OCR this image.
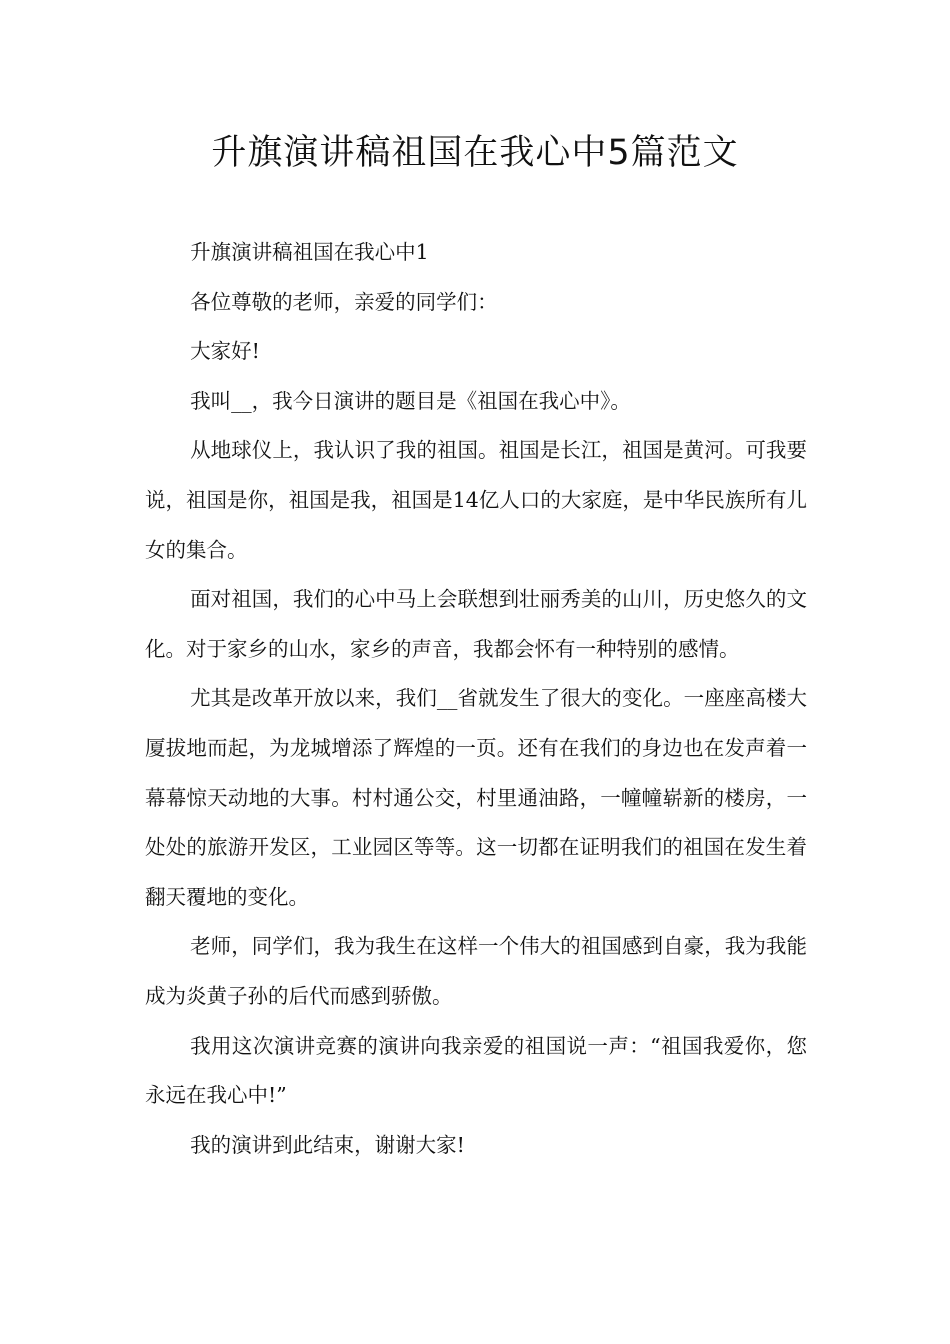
升旗演讲稿祖国在我心中5篇范文

升旗演讲稿祖国在我心中1

各位尊敬的老师，亲爱的同学们：

大家好!

我叫__，我今日演讲的题目是《祖国在我心中》。

从地球仪上，我认识了我的祖国。祖国是长江，祖国是黄河。可我要说，祖国是你，祖国是我，祖国是14亿人口的大家庭，是中华民族所有儿女的集合。

面对祖国，我们的心中马上会联想到壮丽秀美的山川，历史悠久的文化。对于家乡的山水，家乡的声音，我都会怀有一种特别的感情。

尤其是改革开放以来，我们__省就发生了很大的变化。一座座高楼大厦拔地而起，为龙城增添了辉煌的一页。还有在我们的身边也在发声着一幕幕惊天动地的大事。村村通公交，村里通油路，一幢幢崭新的楼房，一处处的旅游开发区，工业园区等等。这一切都在证明我们的祖国在发生着翻天覆地的变化。

老师，同学们，我为我生在这样一个伟大的祖国感到自豪，我为我能成为炎黄子孙的后代而感到骄傲。

我用这次演讲竞赛的演讲向我亲爱的祖国说一声：“祖国我爱你，您永远在我心中!”

我的演讲到此结束，谢谢大家!
